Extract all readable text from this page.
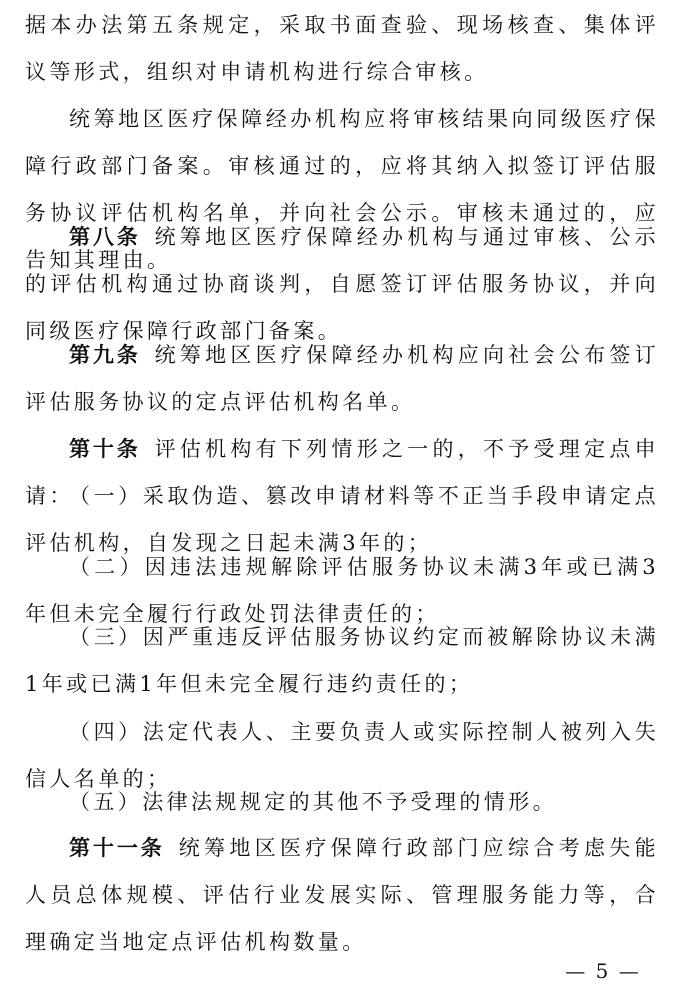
据本办法第五条规定，采取书面查验、现场核查、集体评议等形式，组织对申请机构进行综合审核。

统筹地区医疗保障经办机构应将审核结果向同级医疗保障行政部门备案。审核通过的，应将其纳入拟签订评估服务协议评估机构名单，并向社会公示。审核未通过的，应告知其理由。

第八条 统筹地区医疗保障经办机构与通过审核、公示的评估机构通过协商谈判，自愿签订评估服务协议，并向同级医疗保障行政部门备案。

第九条 统筹地区医疗保障经办机构应向社会公布签订评估服务协议的定点评估机构名单。

第十条 评估机构有下列情形之一的，不予受理定点申请：

（一）采取伪造、篡改申请材料等不正当手段申请定点评估机构，自发现之日起未满3年的；

（二）因违法违规解除评估服务协议未满3年或已满3年但未完全履行行政处罚法律责任的；

（三）因严重违反评估服务协议约定而被解除协议未满1年或已满1年但未完全履行违约责任的；

（四）法定代表人、主要负责人或实际控制人被列入失信人名单的；

（五）法律法规规定的其他不予受理的情形。

第十一条 统筹地区医疗保障行政部门应综合考虑失能人员总体规模、评估行业发展实际、管理服务能力等，合理确定当地定点评估机构数量。

— 5 —
